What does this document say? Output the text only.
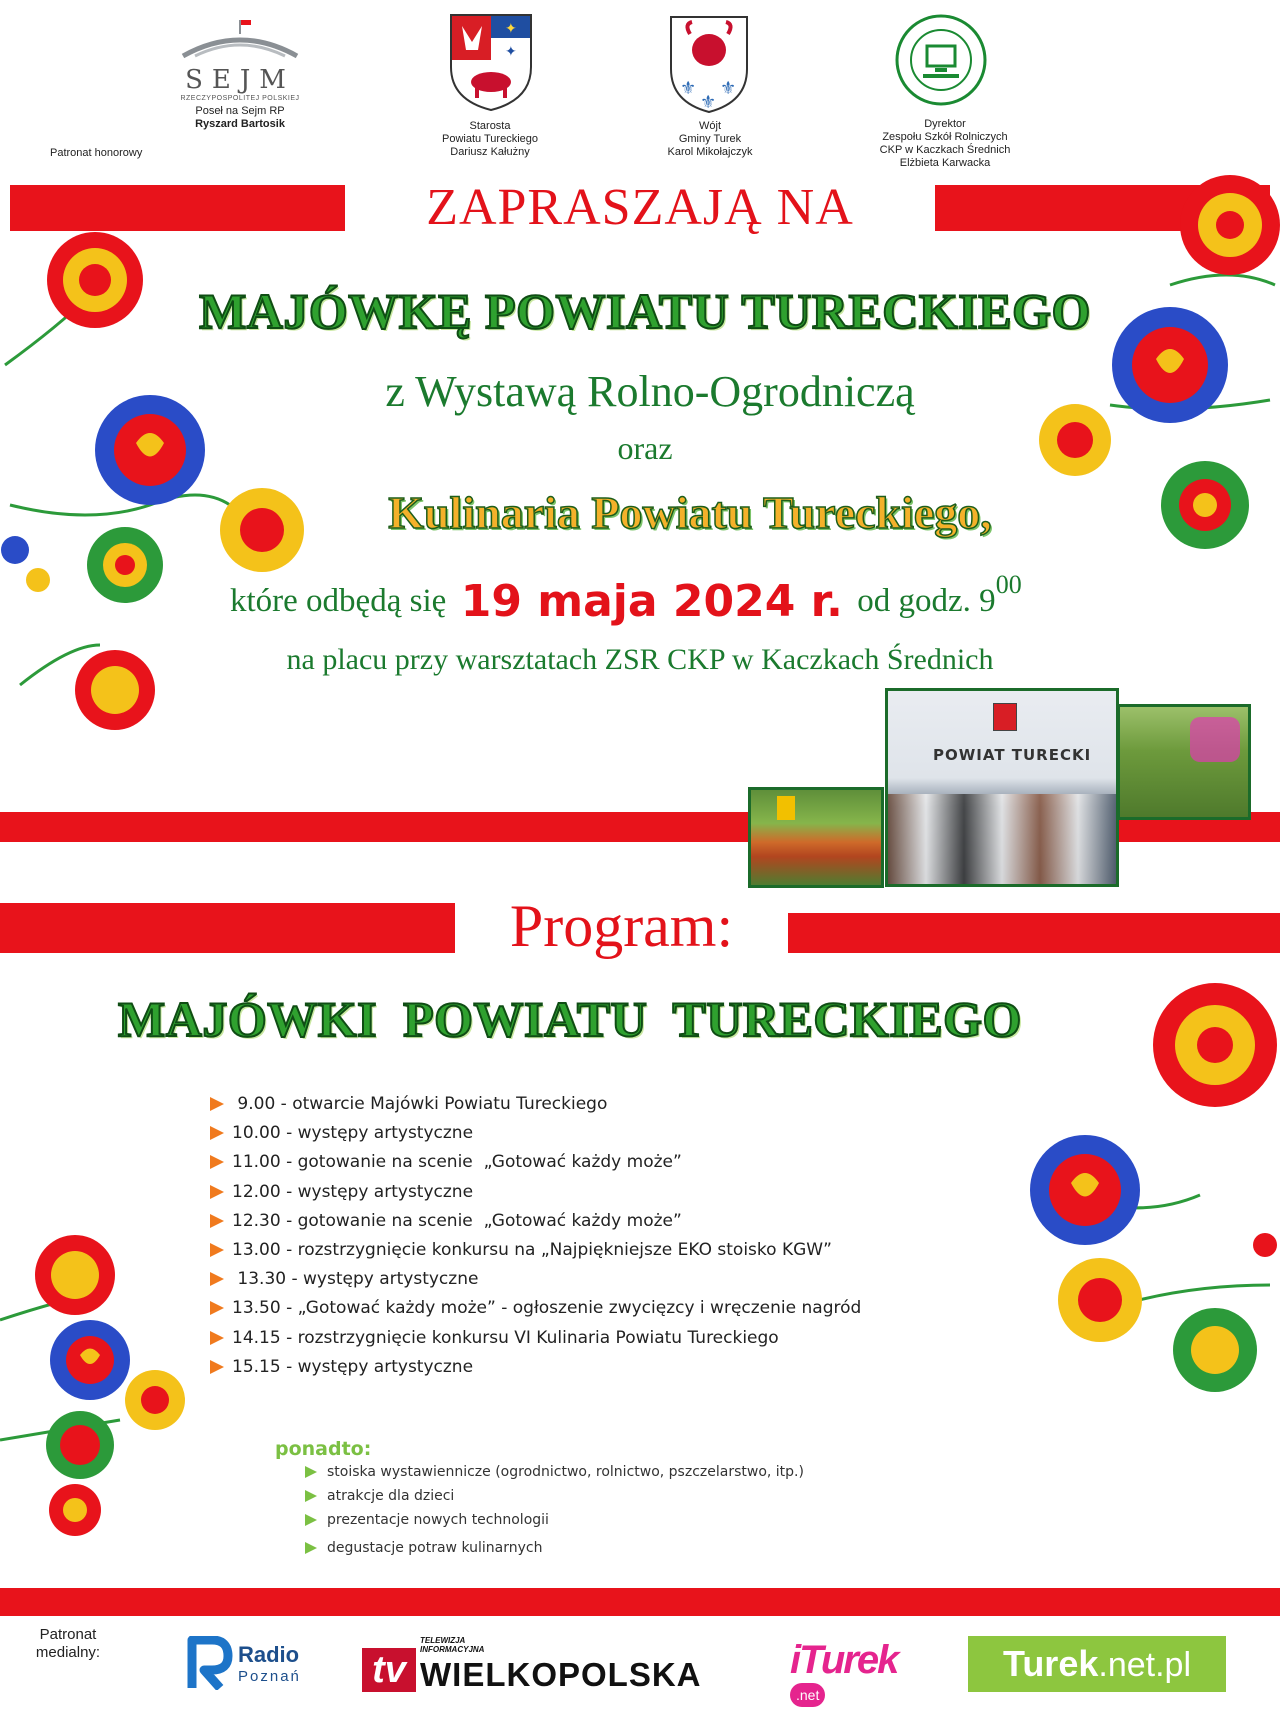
SEJM
RZECZYPOSPOLITEJ POLSKIEJ
Poseł na Sejm RP
Ryszard Bartosik
Patronat honorowy
✦
✦
Starosta
Powiatu Tureckiego
Dariusz Kałużny
⚜ ⚜
⚜
Wójt
Gminy Turek
Karol Mikołajczyk
Dyrektor
Zespołu Szkół Rolniczych
CKP w Kaczkach Średnich
Elżbieta Karwacka
ZAPRASZAJĄ NA
MAJÓWKĘ POWIATU TURECKIEGO
z Wystawą Rolno-Ogrodniczą
oraz
Kulinaria Powiatu Tureckiego,
które odbędą się 19 maja 2024 r. od godz. $9^{00}$
na placu przy warsztatach ZSR CKP w Kaczkach Średnich
POWIAT TURECKI
Program:
MAJÓWKI  POWIATU  TURECKIEGO
9.00 - otwarcie Majówki Powiatu Tureckiego
10.00 - występy artystyczne
11.00 - gotowanie na scenie  „Gotować każdy może”
12.00 - występy artystyczne
12.30 - gotowanie na scenie  „Gotować każdy może”
13.00 - rozstrzygnięcie konkursu na „Najpiękniejsze EKO stoisko KGW”
13.30 - występy artystyczne
13.50 - „Gotować każdy może” - ogłoszenie zwycięzcy i wręczenie nagród
14.15 - rozstrzygnięcie konkursu VI Kulinaria Powiatu Tureckiego
15.15 - występy artystyczne
ponadto:
stoiska wystawiennicze (ogrodnictwo, rolnictwo, pszczelarstwo, itp.)
atrakcje dla dzieci
prezentacje nowych technologii
degustacje potraw kulinarnych
Patronat
medialny:	Radio
Poznań
TELEWIZJA INFORMACYJNA
tv WIELKOPOLSKA iTurek .net
Turek.net.pl
